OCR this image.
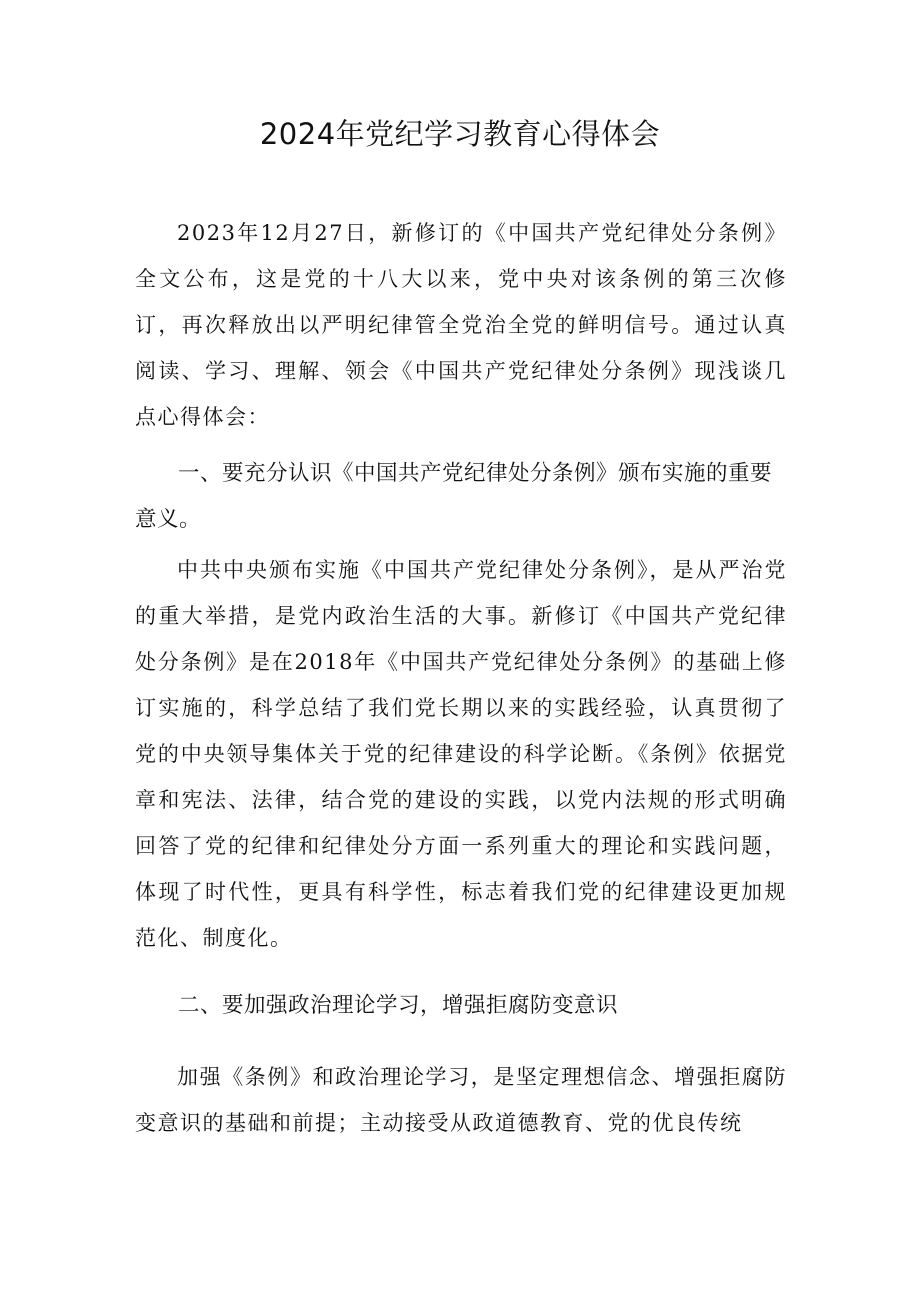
2024年党纪学习教育心得体会

2023年12月27日，新修订的《中国共产党纪律处分条例》全文公布，这是党的十八大以来，党中央对该条例的第三次修订，再次释放出以严明纪律管全党治全党的鲜明信号。通过认真阅读、学习、理解、领会《中国共产党纪律处分条例》现浅谈几点心得体会：

一、要充分认识《中国共产党纪律处分条例》颁布实施的重要意义。

中共中央颁布实施《中国共产党纪律处分条例》，是从严治党的重大举措，是党内政治生活的大事。新修订《中国共产党纪律处分条例》是在2018年《中国共产党纪律处分条例》的基础上修订实施的，科学总结了我们党长期以来的实践经验，认真贯彻了党的中央领导集体关于党的纪律建设的科学论断。《条例》依据党章和宪法、法律，结合党的建设的实践，以党内法规的形式明确回答了党的纪律和纪律处分方面一系列重大的理论和实践问题，体现了时代性，更具有科学性，标志着我们党的纪律建设更加规范化、制度化。

二、要加强政治理论学习，增强拒腐防变意识

加强《条例》和政治理论学习，是坚定理想信念、增强拒腐防变意识的基础和前提；主动接受从政道德教育、党的优良传统
